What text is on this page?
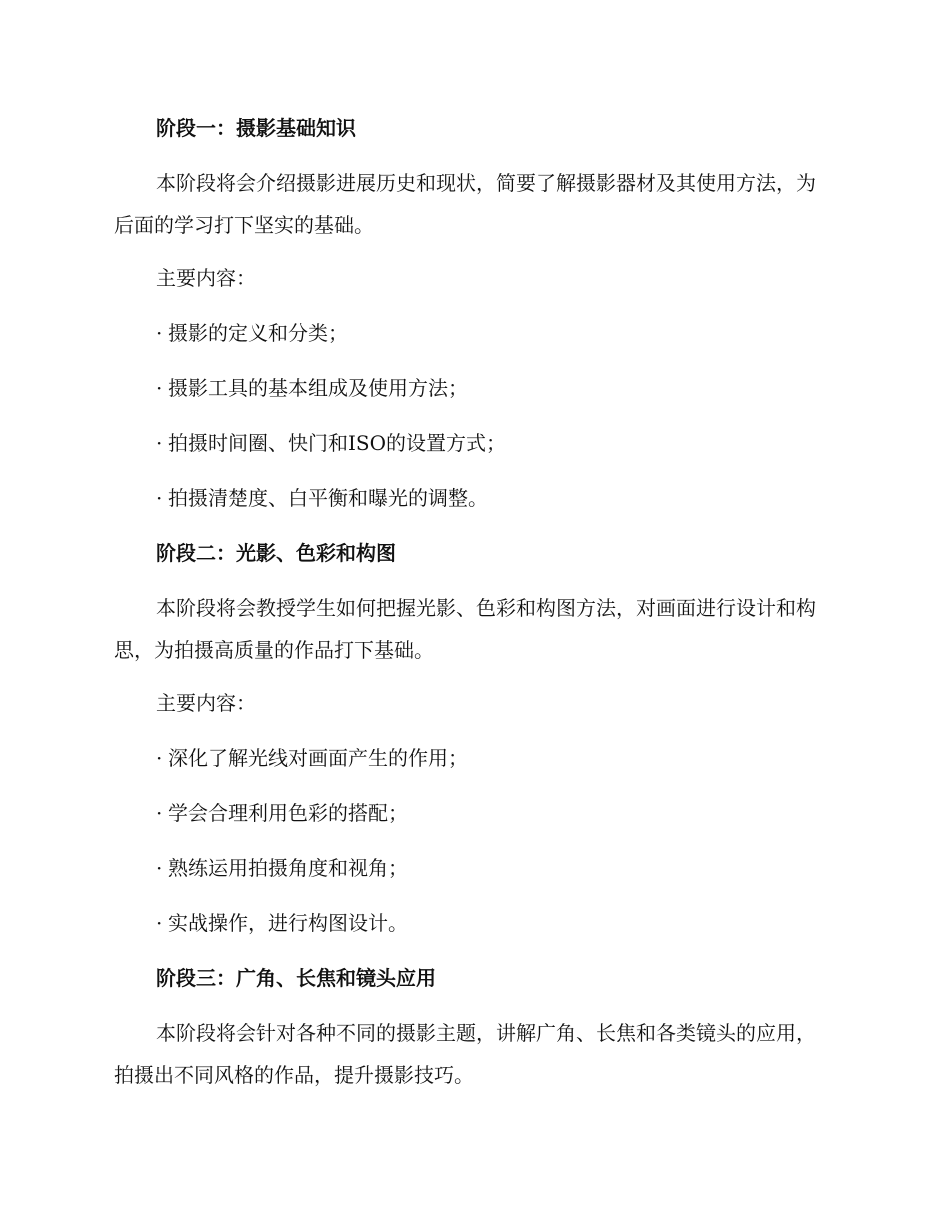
阶段一：摄影基础知识
本阶段将会介绍摄影进展历史和现状，简要了解摄影器材及其使用方法，为后面的学习打下坚实的基础。
主要内容：
· 摄影的定义和分类；
· 摄影工具的基本组成及使用方法；
· 拍摄时间圈、快门和ISO的设置方式；
· 拍摄清楚度、白平衡和曝光的调整。
阶段二：光影、色彩和构图
本阶段将会教授学生如何把握光影、色彩和构图方法，对画面进行设计和构思，为拍摄高质量的作品打下基础。
主要内容：
· 深化了解光线对画面产生的作用；
· 学会合理利用色彩的搭配；
· 熟练运用拍摄角度和视角；
· 实战操作，进行构图设计。
阶段三：广角、长焦和镜头应用
本阶段将会针对各种不同的摄影主题，讲解广角、长焦和各类镜头的应用，拍摄出不同风格的作品，提升摄影技巧。
